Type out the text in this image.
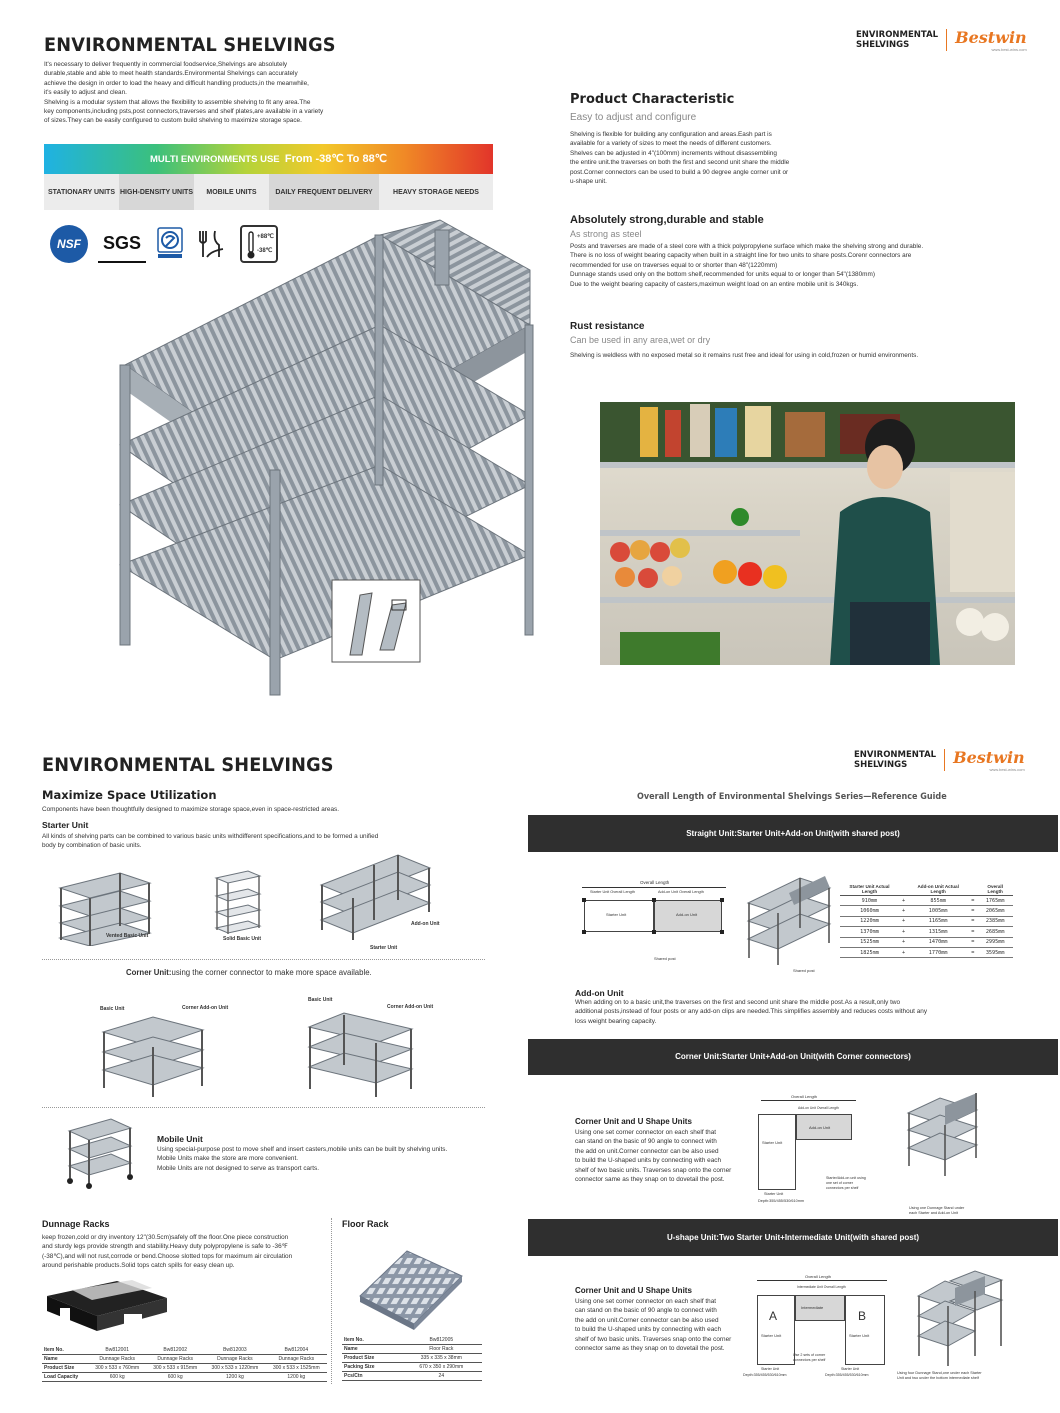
ENVIRONMENTAL SHELVINGS	ENVIRONMENTAL
SHELVINGS	Bestwin
www.best-wins.com
It's necessary to deliver frequently in commercial foodservice,Shelvings are absolutely
durable,stable and able to meet health standards.Environmental Shelvings can accurately
achieve the design in order to load the heavy and difficult handling products,in the meanwhile,
it's easily to adjust and clean.
Shelving is a modular system that allows the flexibility to assemble shelving to fit any area.The
key components,including psts,post connectors,traverses and shelf plates,are available in a variety
of sizes.They can be easily configured to custom build shelving to maximize storage space.
MULTI ENVIRONMENTS USE From -38℃ To 88℃
STATIONARY UNITS HIGH-DENSITY UNITS	MOBILE UNITS	DAILY FREQUENT DELIVERY	HEAVY STORAGE NEEDS
NSF	SGS	+88℃
-38℃
Product Characteristic
Easy to adjust and configure
Shelving is flexible for building any configuration and areas.Eash part is
available for a variety of sizes to meet the needs of different customers.
Shelves can be adjusted in 4"(100mm) increments without disassembling
the entire unit.the traverses on both the first and second unit share the middle
post.Corner connectors can be used to build a 90 degree angle corner unit or
u-shape unit.
Absolutely strong,durable and stable
As strong as steel
Posts and traverses are made of a steel core with a thick polypropylene surface which make the shelving strong and durable.
There is no loss of weight bearing capacity when built in a straight line for two units to share posts.Corenr connectors are
recommended for use on traverses equal to or shorter than 48"(1220mm)
Dunnage stands used only on the bottom shelf,recommended for units equal to or longer than 54"(1380mm)
Due to the weight bearing capacity of casters,maximun weight load on an entire mobile unit is 340kgs.
Rust resistance
Can be used in any area,wet or dry
Shelving is weldless with no exposed metal so it remains rust free and ideal for using in cold,frozen or humid environments.
ENVIRONMENTAL SHELVINGS	ENVIRONMENTAL
SHELVINGS	Bestwin
www.best-wins.com
Maximize Space Utilization
Components have been thoughtfully designed to maximize storage space,even in space-restricted areas.
Starter Unit
All kinds of shelving parts can be combined to various basic units withdifferent specifications,and to be formed a unified
body by combination of basic units.
Vented Basic Unit	Solid Basic Unit
Add-on Unit
Starter Unit
Corner Unit:using the corner connector to make more space available.
Basic Unit	Corner Add-on Unit
Basic Unit
Corner Add-on Unit
Mobile Unit
Using special-purpose post to move shelf and insert casters,mobile units can be built by shelving units.
Mobile Units make the store are more convenient.
Mobile Units are not designed to serve as transport carts.
Dunnage Racks
keep frozen,cold or dry inventory 12"(30.5cm)safely off the floor.One piece construction
and sturdy legs provide strength and stability.Heavy duty polypropylene is safe to -36℉
(-38℃),and will not rust,corrode or bend.Choose slotted tops for maximum air circulation
around perishable products.Solid tops catch spills for easy clean up.
Item No.	Bw812001	Bw812002	Bw812003	Bw812004
Name	Dunnage Racks	Dunnage Racks	Dunnage Racks	Dunnage Racks
Product Size	300 x 533 x 760mm	300 x 533 x 915mm	300 x 533 x 1220mm	300 x 533 x 1525mm
Load Capacity	600 kg	600 kg	1200 kg	1200 kg
Floor Rack
Item No.	Bw812005
Name	Floor Rack
Product Size	335 x 335 x 38mm
Packing Size	670 x 350 x 290mm
Pcs/Ctn	24
Overall Length of Environmental Shelvings Series—Reference Guide
Straight Unit:Starter Unit+Add-on Unit(with shared post)
Overall Length
Starter Unit Overall Length	Add-on Unit Overall Length
Starter Unit	Add-on Unit
Shared post
Shared post
Starter Unit Actual Length		Add-on Unit Actual Length		Overall Length
910mm	+	855mm	=	1765mm
1060mm	+	1005mm	=	2065mm
1220mm	+	1165mm	=	2385mm
1370mm	+	1315mm	=	2685mm
1525mm	+	1470mm	=	2995mm
1825mm	+	1770mm	=	3595mm
Add-on Unit
When adding on to a basic unit,the traverses on the first and second unit share the middle post.As a result,only two
additional posts,instead of four posts or any add-on clips are needed.This simplifies assembly and reduces costs without any
loss weight bearing capacity.
Corner Unit:Starter Unit+Add-on Unit(with Corner connectors)
Corner Unit and U Shape Units
Using one set corner connector on each shelf that
can stand on the basic of 90 angle to connect with
the add on unit.Corner connector can be also used
to build the U-shaped units by connecting with each
shelf of two basic units. Traverses snap onto the corner
connector same as they snap on to dovetail the post.
Overall Length
Add-on Unit Overall Length
Add-on Unit
Starter Unit
Starter/Add-on unit using
one set of corner
connectors per shelf
Starter Unit
Depth:355/455/530/610mm
Using one Dunnage Stand under
each Starter and Add-on Unit
U-shape Unit:Two Starter Unit+Intermediate Unit(with shared post)
Corner Unit and U Shape Units
Using one set corner connector on each shelf that
can stand on the basic of 90 angle to connect with
the add on unit.Corner connector can be also used
to build the U-shaped units by connecting with each
shelf of two basic units. Traverses snap onto the corner
connector same as they snap on to dovetail the post.
Overall Length
Intermediate Unit Overall Length
Intermediate
A	B
Starter Unit	Starter Unit
Use 2 sets of corner
connectors per shelf
Starter Unit	Starter Unit
Depth:355/455/530/610mm	Depth:355/455/530/610mm	Using four Dunnage Stand,one under each Starter
Unit and two under the bottom intermediate shelf
